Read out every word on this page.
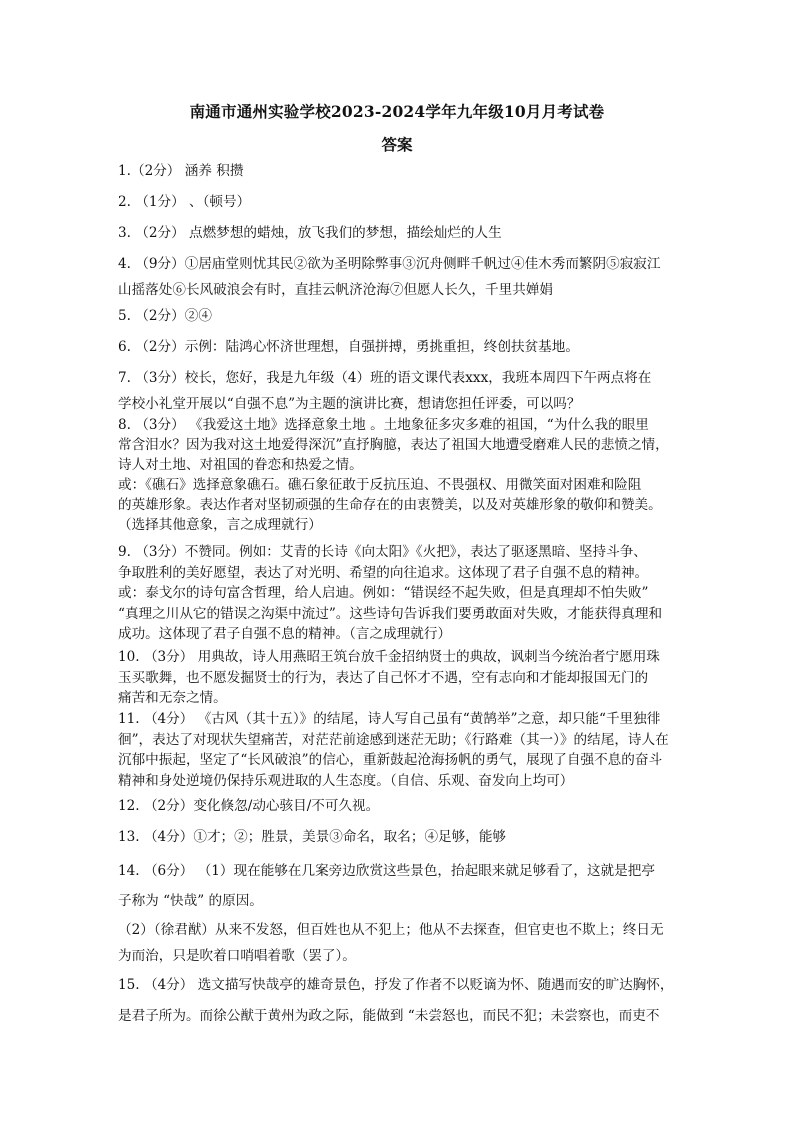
南通市通州实验学校2023-2024学年九年级10月月考试卷
答案

1.（2分） 涵养 积攒

2. （1分） 、（顿号）

3. （2分） 点燃梦想的蜡烛，放飞我们的梦想，描绘灿烂的人生

4. （9分）①居庙堂则忧其民②欲为圣明除弊事③沉舟侧畔千帆过④佳木秀而繁阴⑤寂寂江

山摇落处⑥长风破浪会有时，直挂云帆济沧海⑦但愿人长久，千里共婵娟

5. （2分）②④

6. （2分）示例：陆鸿心怀济世理想，自强拼搏，勇挑重担，终创扶贫基地。

7. （3分）校长，您好，我是九年级（4）班的语文课代表xxx，我班本周四下午两点将在

学校小礼堂开展以“自强不息”为主题的演讲比赛，想请您担任评委，可以吗？

8. （3分） 《我爱这土地》选择意象土地 。土地象征多灾多难的祖国，“为什么我的眼里

常含泪水？因为我对这土地爱得深沉”直抒胸臆，表达了祖国大地遭受磨难人民的悲愤之情，

诗人对土地、对祖国的眷恋和热爱之情。

或：《礁石》选择意象礁石。礁石象征敢于反抗压迫、不畏强权、用微笑面对困难和险阻

的英雄形象。表达作者对坚韧顽强的生命存在的由衷赞美，以及对英雄形象的敬仰和赞美。

（选择其他意象，言之成理就行）

9. （3分）不赞同。例如：艾青的长诗《向太阳》《火把》，表达了驱逐黑暗、坚持斗争、

争取胜利的美好愿望，表达了对光明、希望的向往追求。这体现了君子自强不息的精神。

或：泰戈尔的诗句富含哲理，给人启迪。例如：“错误经不起失败，但是真理却不怕失败”

“真理之川从它的错误之沟渠中流过”。这些诗句告诉我们要勇敢面对失败，才能获得真理和

成功。这体现了君子自强不息的精神。（言之成理就行）

10. （3分） 用典故，诗人用燕昭王筑台放千金招纳贤士的典故，讽刺当今统治者宁愿用珠

玉买歌舞，也不愿发掘贤士的行为，表达了自己怀才不遇，空有志向和才能却报国无门的

痛苦和无奈之情。

11. （4分） 《古风（其十五）》的结尾，诗人写自己虽有“黄鹄举”之意，却只能“千里独徘

徊”，表达了对现状失望痛苦，对茫茫前途感到迷茫无助；《行路难（其一）》的结尾，诗人在

沉郁中振起，坚定了“长风破浪”的信心，重新鼓起沧海扬帆的勇气，展现了自强不息的奋斗

精神和身处逆境仍保持乐观进取的人生态度。（自信、乐观、奋发向上均可）

12. （2分）变化倏忽/动心骇目/不可久视。

13. （4分）①才；②；胜景，美景③命名，取名；④足够，能够

14. （6分） （1）现在能够在几案旁边欣赏这些景色，抬起眼来就足够看了，这就是把亭

子称为 “快哉” 的原因。

（2）（徐君猷）从来不发怒，但百姓也从不犯上；他从不去探查，但官吏也不欺上；终日无

为而治，只是吹着口哨唱着歌（罢了）。

15. （4分） 选文描写快哉亭的雄奇景色，抒发了作者不以贬谪为怀、随遇而安的旷达胸怀，

是君子所为。而徐公猷于黄州为政之际，能做到 “未尝怒也，而民不犯；未尝察也，而吏不
